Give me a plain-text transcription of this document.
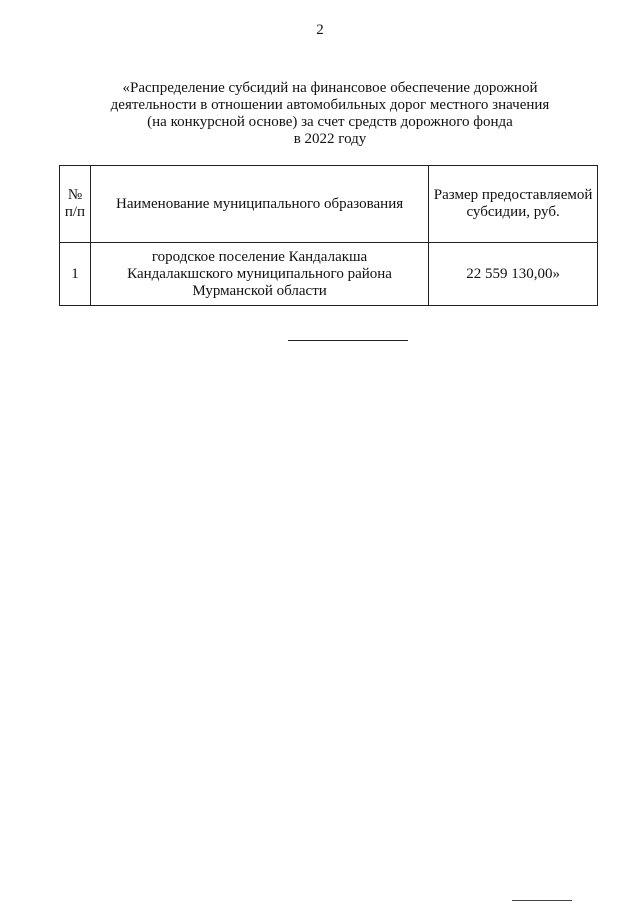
2
«Распределение субсидий на финансовое обеспечение дорожной
деятельности в отношении автомобильных дорог местного значения
(на конкурсной основе) за счет средств дорожного фонда
в 2022 году
№
п/п	Наименование муниципального образования	Размер предоставляемой
субсидии, руб.
1	городское поселение Кандалакша
Кандалакшского муниципального района
Мурманской области	22 559 130,00»
